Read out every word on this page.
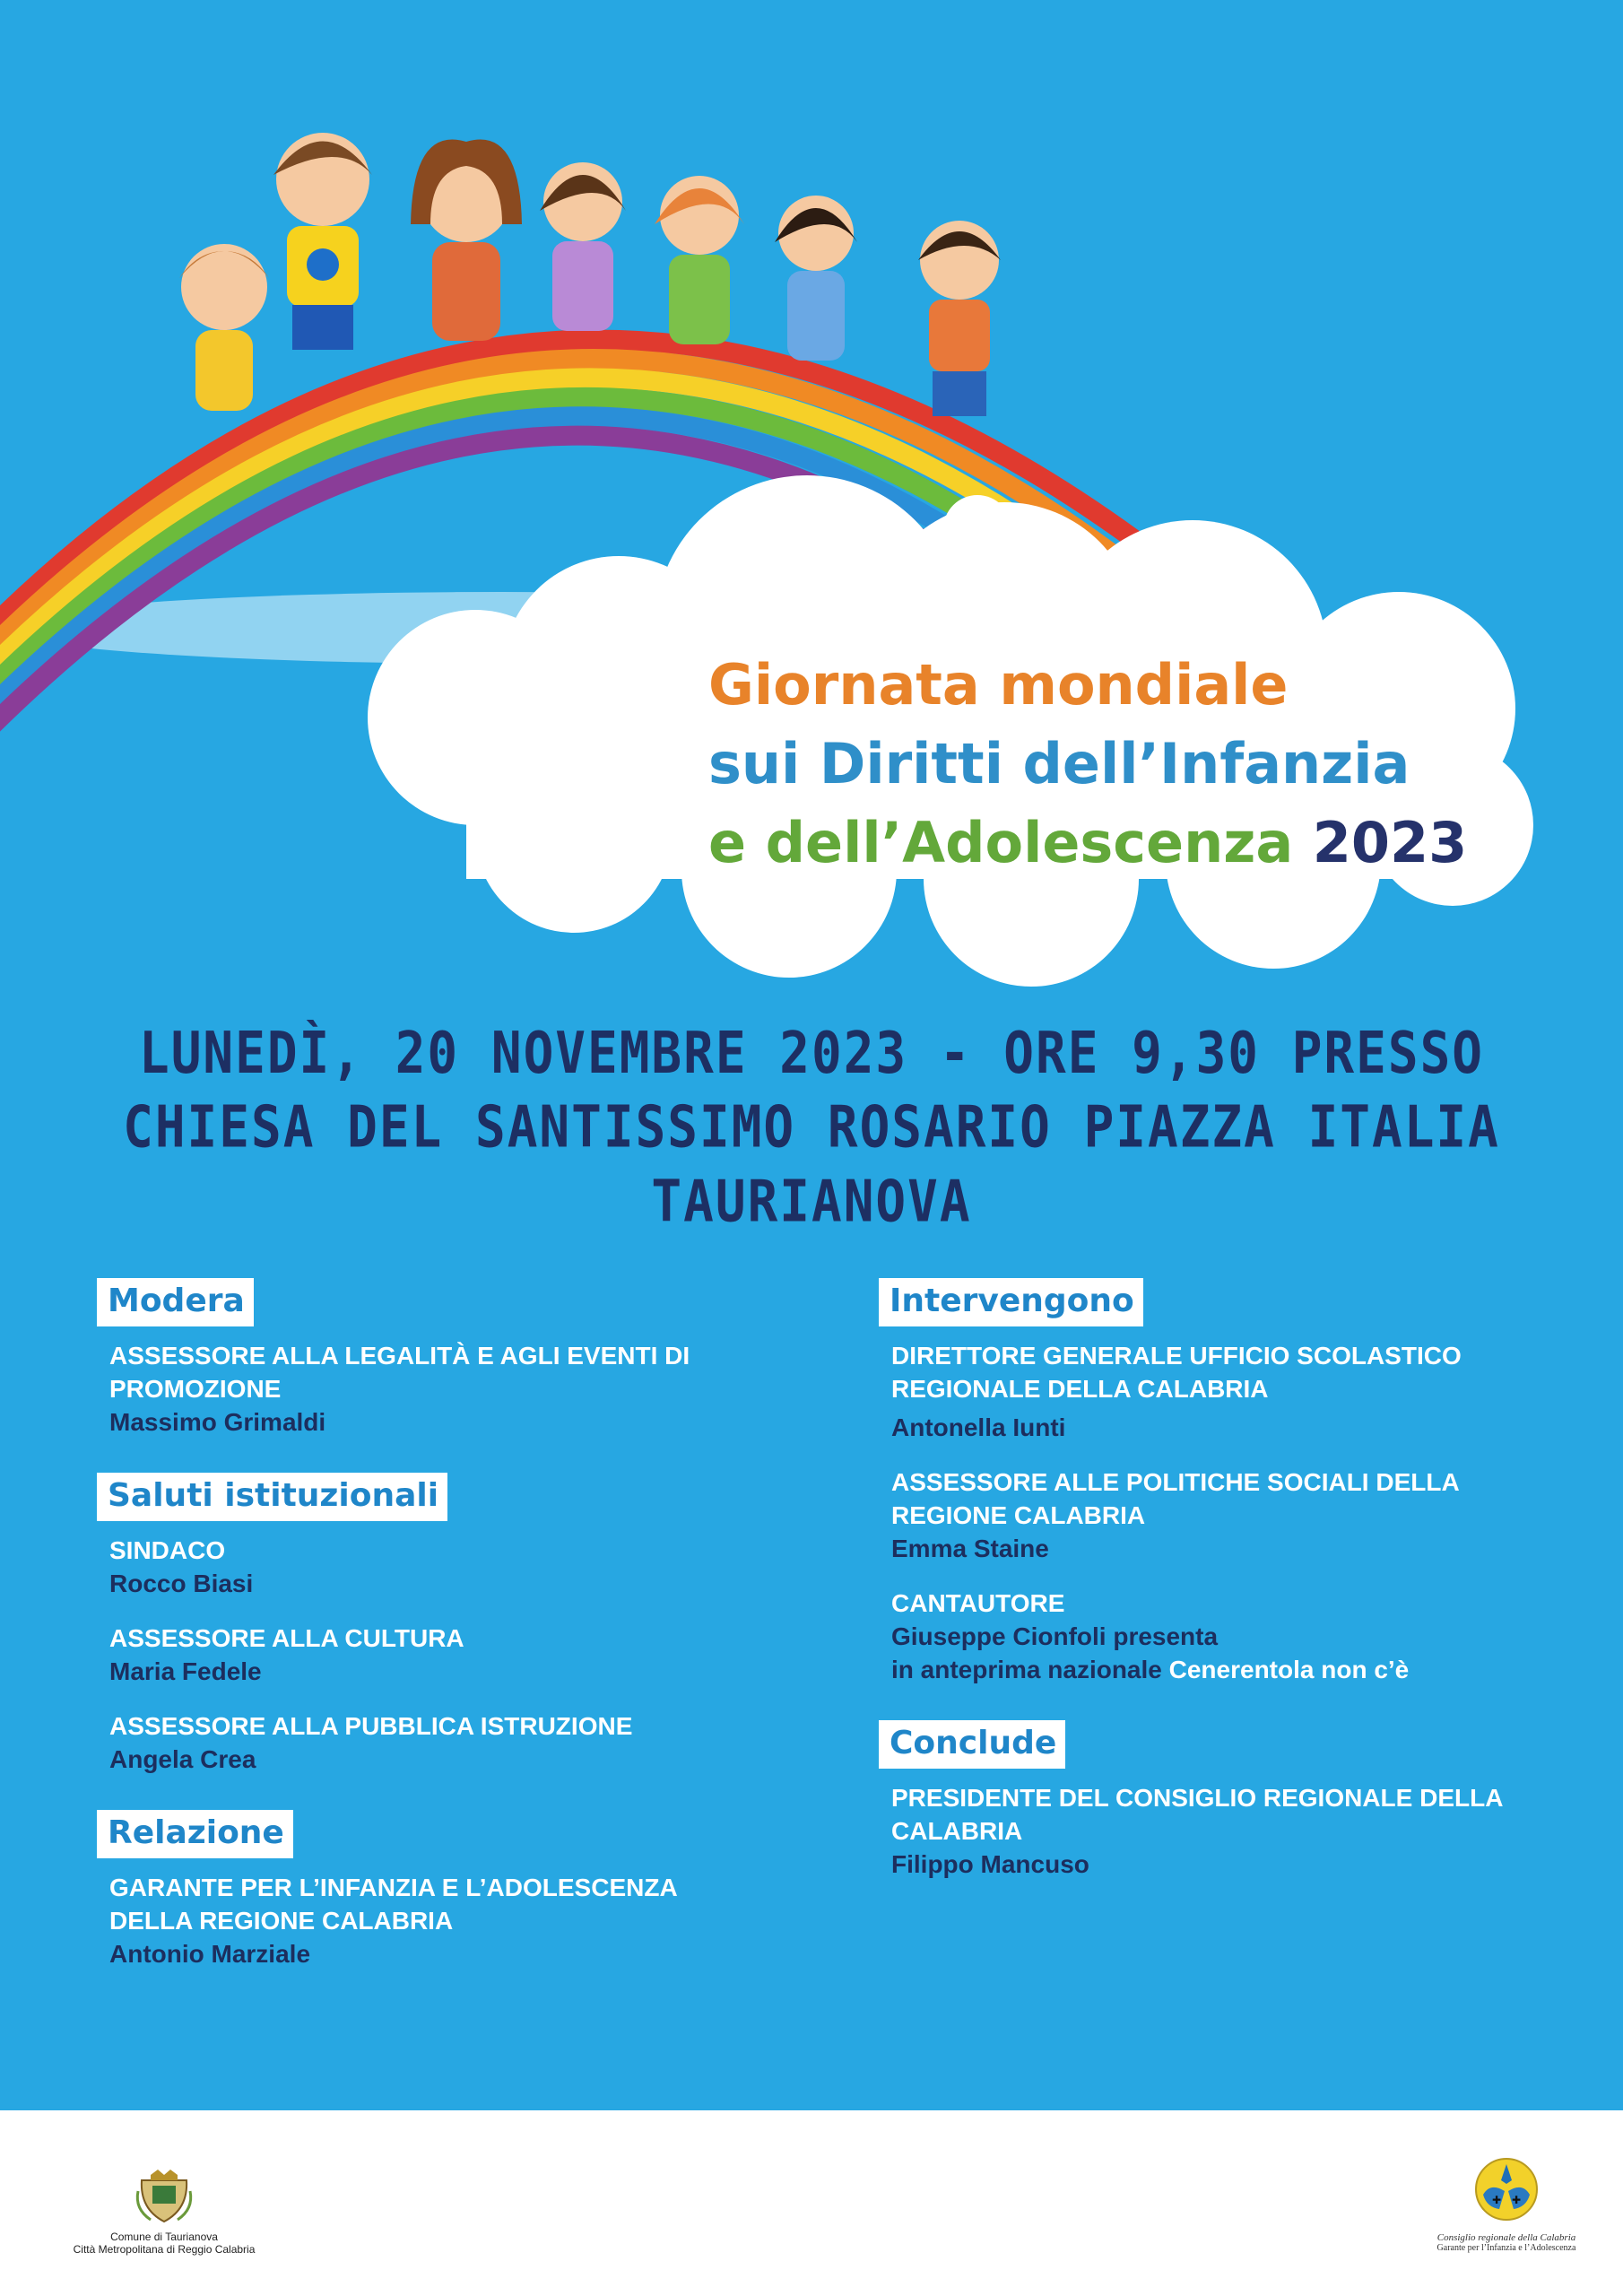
Giornata mondiale
sui Diritti dell’Infanzia
e dell’Adolescenza 2023
LUNEDÌ, 20 NOVEMBRE 2023 - ORE 9,30 PRESSO
CHIESA DEL SANTISSIMO ROSARIO PIAZZA ITALIA TAURIANOVA
Modera
ASSESSORE ALLA LEGALITÀ E AGLI EVENTI DI PROMOZIONE
Massimo Grimaldi
Saluti istituzionali
SINDACO
Rocco Biasi
ASSESSORE ALLA CULTURA
Maria Fedele
ASSESSORE ALLA PUBBLICA ISTRUZIONE
Angela Crea
Relazione
GARANTE PER L’INFANZIA E L’ADOLESCENZA DELLA REGIONE CALABRIA
Antonio Marziale
Intervengono
DIRETTORE GENERALE UFFICIO SCOLASTICO REGIONALE DELLA CALABRIA
Antonella Iunti
ASSESSORE ALLE POLITICHE SOCIALI DELLA REGIONE CALABRIA
Emma Staine
CANTAUTORE
Giuseppe Cionfoli presenta
in anteprima nazionale Cenerentola non c’è
Conclude
PRESIDENTE DEL CONSIGLIO REGIONALE DELLA CALABRIA
Filippo Mancuso
Comune di Taurianova
Città Metropolitana di Reggio Calabria
✚ ✚
Consiglio regionale della Calabria
Garante per l’Infanzia e l’Adolescenza
